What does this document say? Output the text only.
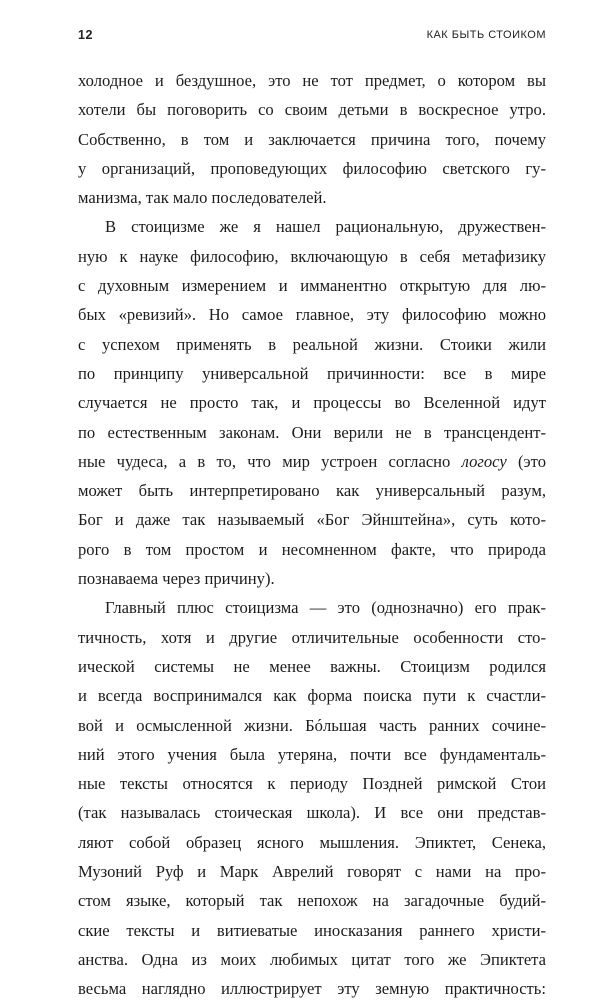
12	КАК БЫТЬ СТОИКОМ
холодное и бездушное, это не тот предмет, о котором вы
хотели бы поговорить со своим детьми в воскресное утро.
Собственно, в том и заключается причина того, почему
у организаций, проповедующих философию светского гу-
манизма, так мало последователей.
В стоицизме же я нашел рациональную, дружествен-
ную к науке философию, включающую в себя метафизику
с духовным измерением и имманентно открытую для лю-
бых «ревизий». Но самое главное, эту философию можно
с успехом применять в реальной жизни. Стоики жили
по принципу универсальной причинности: все в мире
случается не просто так, и процессы во Вселенной идут
по естественным законам. Они верили не в трансцендент-
ные чудеса, а в то, что мир устроен согласно логосу (это
может быть интерпретировано как универсальный разум,
Бог и даже так называемый «Бог Эйнштейна», суть кото-
рого в том простом и несомненном факте, что природа
познаваема через причину).
Главный плюс стоицизма — это (однозначно) его прак-
тичность, хотя и другие отличительные особенности сто-
ической системы не менее важны. Стоицизм родился
и всегда воспринимался как форма поиска пути к счастли-
вой и осмысленной жизни. Бóльшая часть ранних сочине-
ний этого учения была утеряна, почти все фундаменталь-
ные тексты относятся к периоду Поздней римской Стои
(так называлась стоическая школа). И все они представ-
ляют собой образец ясного мышления. Эпиктет, Сенека,
Музоний Руф и Марк Аврелий говорят с нами на про-
стом языке, который так непохож на загадочные будий-
ские тексты и витиеватые иносказания раннего христи-
анства. Одна из моих любимых цитат того же Эпиктета
весьма наглядно иллюстрирует эту земную практичность:
